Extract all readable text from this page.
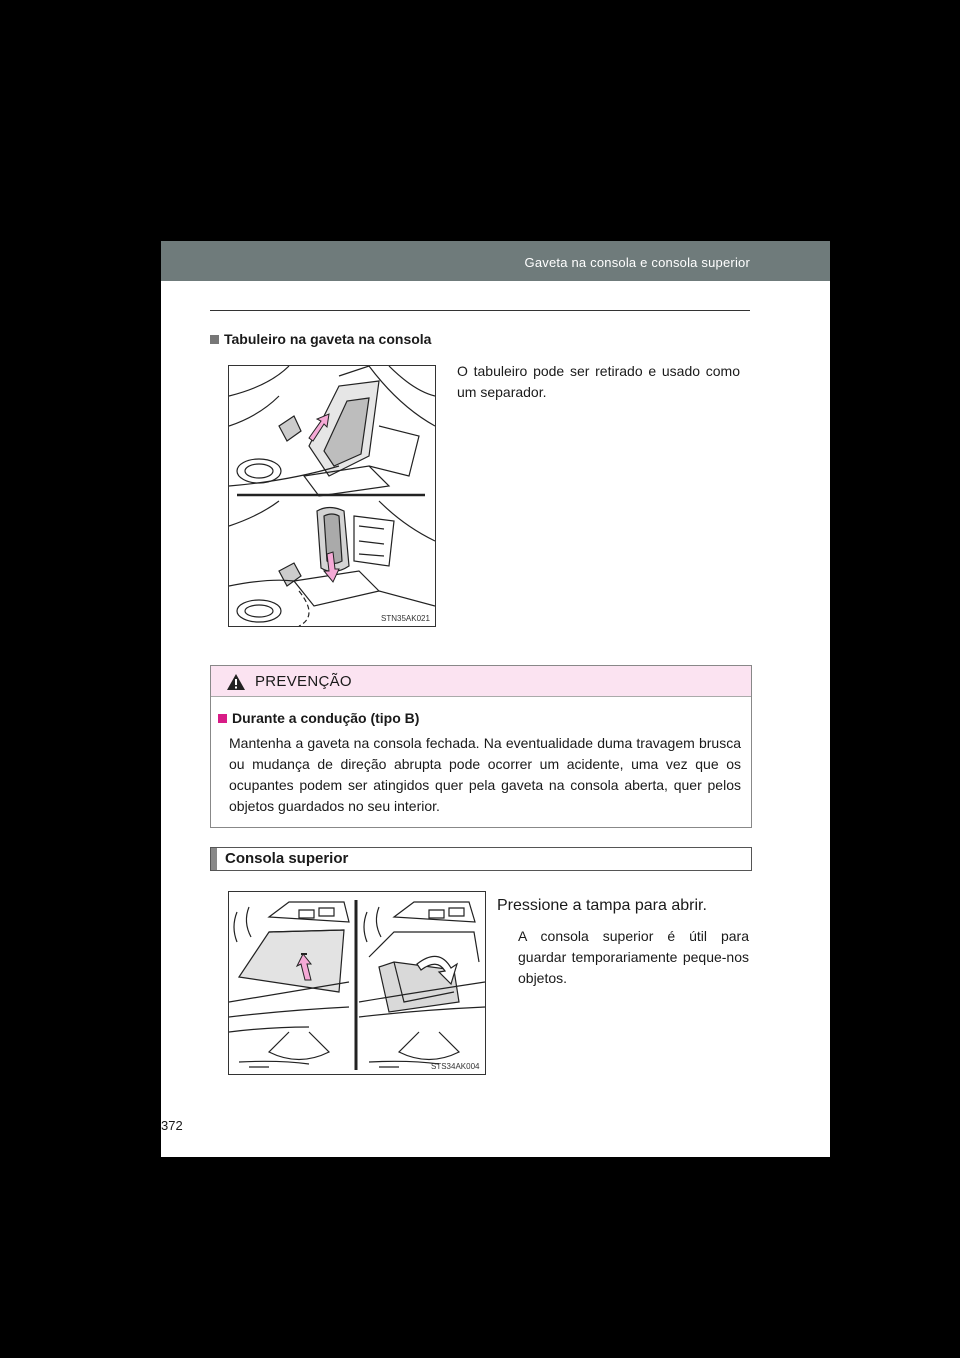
Gaveta na consola e consola superior
Tabuleiro na gaveta na consola
STN35AK021
O tabuleiro pode ser retirado e usado como um separador.
PREVENÇÃO
Durante a condução (tipo B)
Mantenha a gaveta na consola fechada. Na eventualidade duma travagem brusca ou mudança de direção abrupta pode ocorrer um acidente, uma vez que os ocupantes podem ser atingidos quer pela gaveta na consola aberta, quer pelos objetos guardados no seu interior.
Consola superior
STS34AK004
Pressione a tampa para abrir.
A consola superior é útil para guardar temporariamente peque-nos objetos.
372
